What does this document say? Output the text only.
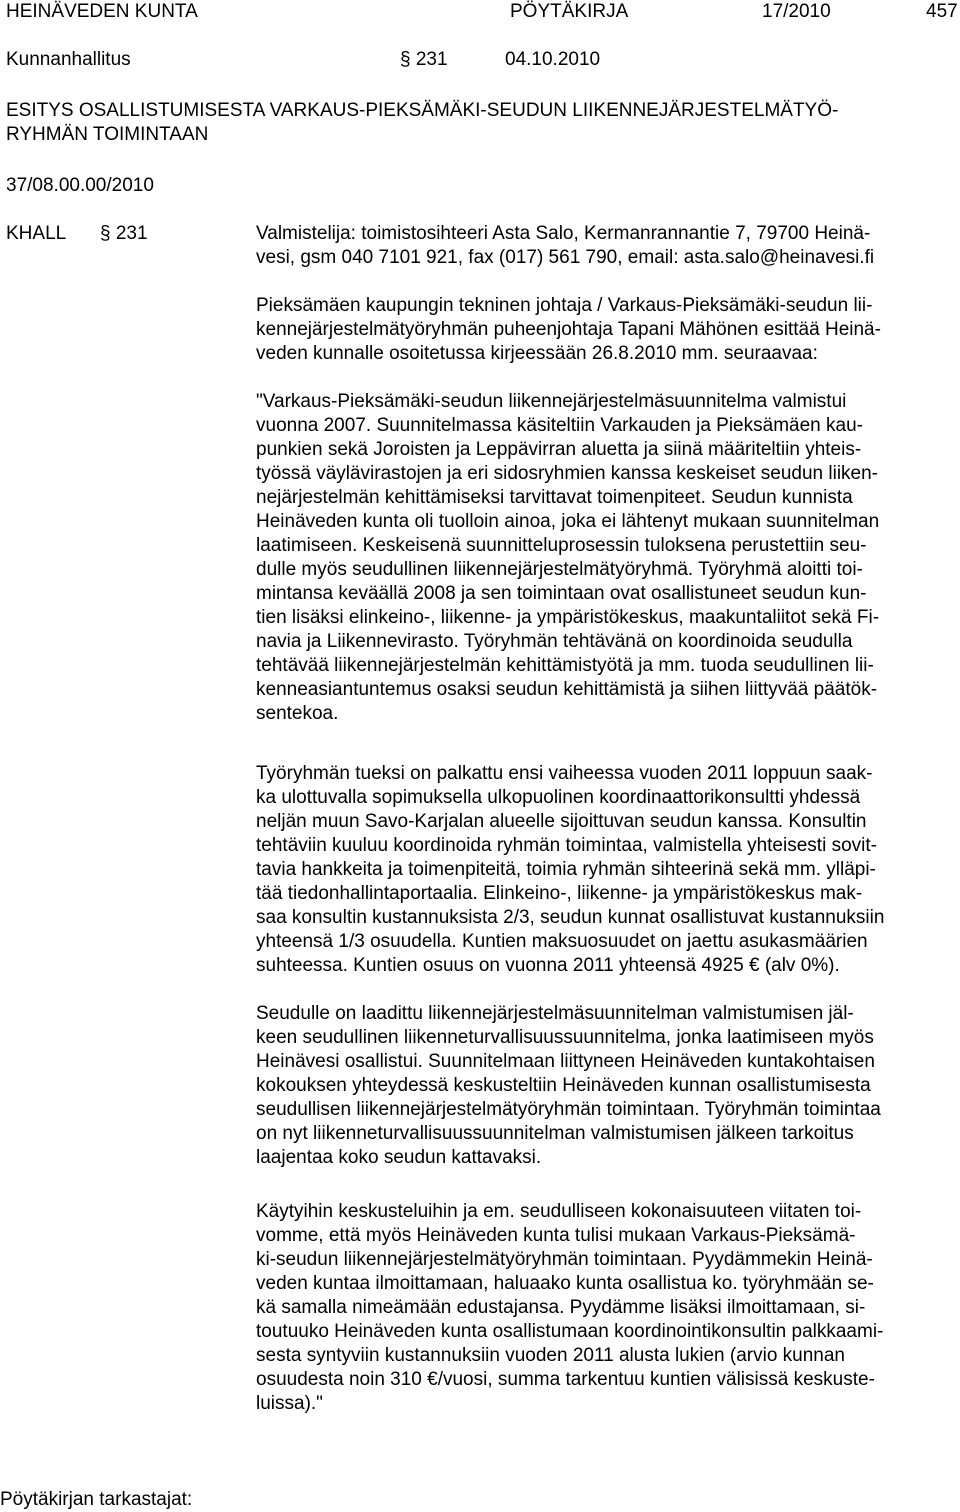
HEINÄVEDEN KUNTA	PÖYTÄKIRJA	17/2010	457
Kunnanhallitus	§ 231	04.10.2010
ESITYS OSALLISTUMISESTA VARKAUS-PIEKSÄMÄKI-SEUDUN LIIKENNEJÄRJESTELMÄTYÖ-
RYHMÄN TOIMINTAAN
37/08.00.00/2010
KHALL § 231	Valmistelija: toimistosihteeri Asta Salo, Kermanrannantie 7, 79700 Heinä-
vesi, gsm 040 7101 921, fax (017) 561 790, email: asta.salo@heinavesi.fi
Pieksämäen kaupungin tekninen johtaja / Varkaus-Pieksämäki-seudun lii-
kennejärjestelmätyöryhmän puheenjohtaja Tapani Mähönen esittää Heinä-
veden kunnalle osoitetussa kirjeessään 26.8.2010 mm. seuraavaa:
"Varkaus-Pieksämäki-seudun liikennejärjestelmäsuunnitelma valmistui
vuonna 2007. Suunnitelmassa käsiteltiin Varkauden ja Pieksämäen kau-
punkien sekä Joroisten ja Leppävirran aluetta ja siinä määriteltiin yhteis-
työssä väylävirastojen ja eri sidosryhmien kanssa keskeiset seudun liiken-
nejärjestelmän kehittämiseksi tarvittavat toimenpiteet. Seudun kunnista
Heinäveden kunta oli tuolloin ainoa, joka ei lähtenyt mukaan suunnitelman
laatimiseen. Keskeisenä suunnitteluprosessin tuloksena perustettiin seu-
dulle myös seudullinen liikennejärjestelmätyöryhmä. Työryhmä aloitti toi-
mintansa keväällä 2008 ja sen toimintaan ovat osallistuneet seudun kun-
tien lisäksi elinkeino-, liikenne- ja ympäristökeskus, maakuntaliitot sekä Fi-
navia ja Liikennevirasto. Työryhmän tehtävänä on koordinoida seudulla
tehtävää liikennejärjestelmän kehittämistyötä ja mm. tuoda seudullinen lii-
kenneasiantuntemus osaksi seudun kehittämistä ja siihen liittyvää päätök-
sentekoa.
Työryhmän tueksi on palkattu ensi vaiheessa vuoden 2011 loppuun saak-
ka ulottuvalla sopimuksella ulkopuolinen koordinaattorikonsultti yhdessä
neljän muun Savo-Karjalan alueelle sijoittuvan seudun kanssa. Konsultin
tehtäviin kuuluu koordinoida ryhmän toimintaa, valmistella yhteisesti sovit-
tavia hankkeita ja toimenpiteitä, toimia ryhmän sihteerinä sekä mm. ylläpi-
tää tiedonhallintaportaalia. Elinkeino-, liikenne- ja ympäristökeskus mak-
saa konsultin kustannuksista 2/3, seudun kunnat osallistuvat kustannuksiin
yhteensä 1/3 osuudella. Kuntien maksuosuudet on jaettu asukasmäärien
suhteessa. Kuntien osuus on vuonna 2011 yhteensä 4925 € (alv 0%).
Seudulle on laadittu liikennejärjestelmäsuunnitelman valmistumisen jäl-
keen seudullinen liikenneturvallisuussuunnitelma, jonka laatimiseen myös
Heinävesi osallistui. Suunnitelmaan liittyneen Heinäveden kuntakohtaisen
kokouksen yhteydessä keskusteltiin Heinäveden kunnan osallistumisesta
seudullisen liikennejärjestelmätyöryhmän toimintaan. Työryhmän toimintaa
on nyt liikenneturvallisuussuunnitelman valmistumisen jälkeen tarkoitus
laajentaa koko seudun kattavaksi.
Käytyihin keskusteluihin ja em. seudulliseen kokonaisuuteen viitaten toi-
vomme, että myös Heinäveden kunta tulisi mukaan Varkaus-Pieksämä-
ki-seudun liikennejärjestelmätyöryhmän toimintaan. Pyydämmekin Heinä-
veden kuntaa ilmoittamaan, haluaako kunta osallistua ko. työryhmään se-
kä samalla nimeämään edustajansa. Pyydämme lisäksi ilmoittamaan, si-
toutuuko Heinäveden kunta osallistumaan koordinointikonsultin palkkaami-
sesta syntyviin kustannuksiin vuoden 2011 alusta lukien (arvio kunnan
osuudesta noin 310 €/vuosi, summa tarkentuu kuntien välisissä keskuste-
luissa)."
Pöytäkirjan tarkastajat:
